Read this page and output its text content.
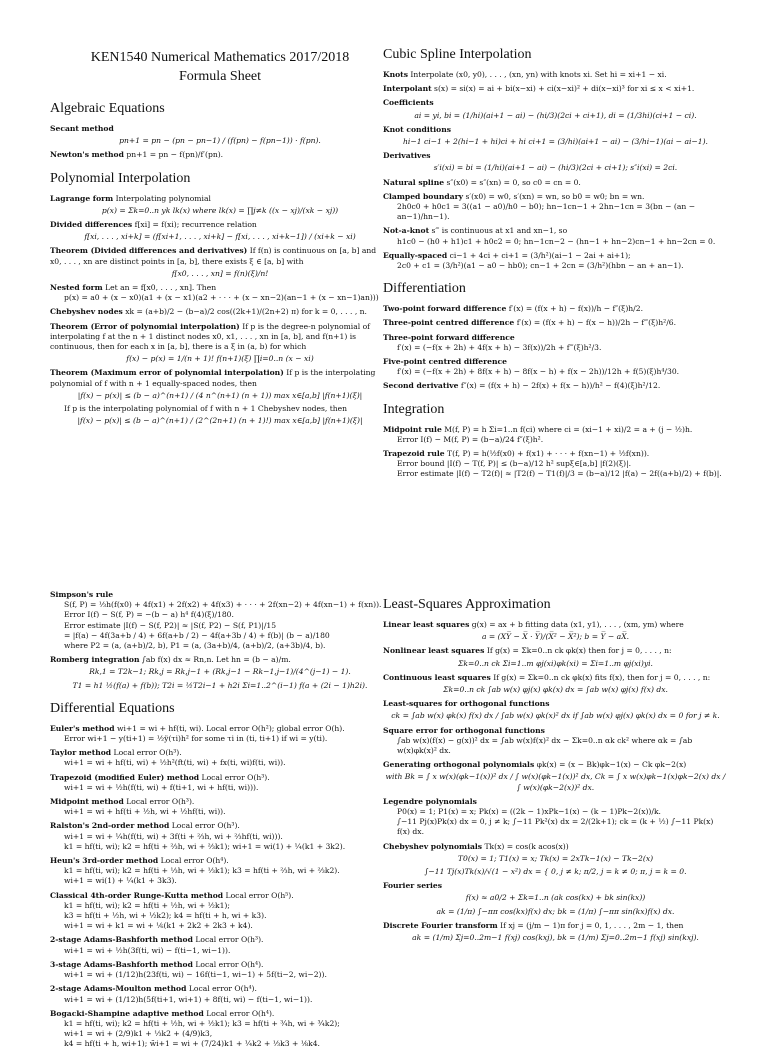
KEN1540 Numerical Mathematics 2017/2018
Formula Sheet
Algebraic Equations
Secant method
pn+1 = pn − (pn − pn−1) / (f(pn) − f(pn−1)) · f(pn).
Newton's method pn+1 = pn − f(pn)/f′(pn).
Polynomial Interpolation
Lagrange form Interpolating polynomial
p(x) = Σk=0..n yk lk(x) where lk(x) = ∏j≠k ((x − xj)/(xk − xj))
Divided differences f[xi] = f(xi); recurrence relation
f[xi, . . . , xi+k] = (f[xi+1, . . . , xi+k] − f[xi, . . . , xi+k−1]) / (xi+k − xi)
Theorem (Divided differences and derivatives) If f(n) is continuous on [a, b] and x0, . . . , xn are distinct points in [a, b], there exists ξ ∈ [a, b] with
f[x0, . . . , xn] = f(n)(ξ)/n!
Nested form Let an = f[x0, . . . , xn]. Then
p(x) = a0 + (x − x0)(a1 + (x − x1)(a2 + · · · + (x − xn−2)(an−1 + (x − xn−1)an)))
Chebyshev nodes xk = (a+b)/2 − (b−a)/2 cos((2k+1)/(2n+2) π) for k = 0, . . . , n.
Theorem (Error of polynomial interpolation) If p is the degree-n polynomial of interpolating f at the n + 1 distinct nodes x0, x1, . . . , xn in [a, b], and f(n+1) is continuous, then for each x in [a, b], there is a ξ in (a, b) for which
f(x) − p(x) = 1/(n + 1)! f(n+1)(ξ) ∏i=0..n (x − xi)
Theorem (Maximum error of polynomial interpolation) If p is the interpolating polynomial of f with n + 1 equally-spaced nodes, then
|f(x) − p(x)| ≤ (b − a)^(n+1) / (4 n^(n+1) (n + 1)) max x∈[a,b] |f(n+1)(ξ)|
If p is the interpolating polynomial of f with n + 1 Chebyshev nodes, then
|f(x) − p(x)| ≤ (b − a)^(n+1) / (2^(2n+1) (n + 1)!) max x∈[a,b] |f(n+1)(ξ)|
Cubic Spline Interpolation
Knots Interpolate (x0, y0), . . . , (xn, yn) with knots xi. Set hi = xi+1 − xi.
Interpolant s(x) = si(x) = ai + bi(x−xi) + ci(x−xi)² + di(x−xi)³ for xi ≤ x < xi+1.
Coefficients
ai = yi, bi = (1/hi)(ai+1 − ai) − (hi/3)(2ci + ci+1), di = (1/3hi)(ci+1 − ci).
Knot conditions
hi−1 ci−1 + 2(hi−1 + hi)ci + hi ci+1 = (3/hi)(ai+1 − ai) − (3/hi−1)(ai − ai−1).
Derivatives
s′i(xi) = bi = (1/hi)(ai+1 − ai) − (hi/3)(2ci + ci+1); s″i(xi) = 2ci.
Natural spline s″(x0) = s″(xn) = 0, so c0 = cn = 0.
Clamped boundary s′(x0) = w0, s′(xn) = wn, so b0 = w0; bn = wn.
2h0c0 + h0c1 = 3((a1 − a0)/h0 − b0); hn−1cn−1 + 2hn−1cn = 3(bn − (an − an−1)/hn−1).
Not-a-knot s‴ is continuous at x1 and xn−1, so
h1c0 − (h0 + h1)c1 + h0c2 = 0; hn−1cn−2 − (hn−1 + hn−2)cn−1 + hn−2cn = 0.
Equally-spaced ci−1 + 4ci + ci+1 = (3/h²)(ai−1 − 2ai + ai+1);
2c0 + c1 = (3/h²)(a1 − a0 − hb0); cn−1 + 2cn = (3/h²)(hbn − an + an−1).
Differentiation
Two-point forward difference f′(x) = (f(x + h) − f(x))/h − f″(ξ)h/2.
Three-point centred difference f′(x) = (f(x + h) − f(x − h))/2h − f‴(ξ)h²/6.
Three-point forward difference
f′(x) = (−f(x + 2h) + 4f(x + h) − 3f(x))/2h + f‴(ξ)h²/3.
Five-point centred difference
f′(x) = (−f(x + 2h) + 8f(x + h) − 8f(x − h) + f(x − 2h))/12h + f(5)(ξ)h⁴/30.
Second derivative f″(x) = (f(x + h) − 2f(x) + f(x − h))/h² − f(4)(ξ)h²/12.
Integration
Midpoint rule M(f, P) = h Σi=1..n f(ci) where ci = (xi−1 + xi)/2 = a + (j − ½)h.
Error I(f) − M(f, P) = (b−a)/24 f″(ξ)h².
Trapezoid rule T(f, P) = h(½f(x0) + f(x1) + · · · + f(xn−1) + ½f(xn)).
Error bound |I(f) − T(f, P)| ≤ (b−a)/12 h² supξ∈[a,b] |f(2)(ξ)|.
Error estimate |I(f) − T2(f)| ≈ |T2(f) − T1(f)|/3 = (b−a)/12 |f(a) − 2f((a+b)/2) + f(b)|.
Simpson's rule
S(f, P) = ⅓h(f(x0) + 4f(x1) + 2f(x2) + 4f(x3) + · · · + 2f(xn−2) + 4f(xn−1) + f(xn)).
Error I(f) − S(f, P) = −(b − a) h⁴ f(4)(ξ)/180.
Error estimate |I(f) − S(f, P2)| ≈ |S(f, P2) − S(f, P1)|/15
= |f(a) − 4f(3a+b / 4) + 6f(a+b / 2) − 4f(a+3b / 4) + f(b)| (b − a)/180
where P2 = (a, (a+b)/2, b), P1 = (a, (3a+b)/4, (a+b)/2, (a+3b)/4, b).
Romberg integration ∫ab f(x) dx ≈ Rn,n. Let hn = (b − a)/m.
Rk,1 = T2k−1; Rk,j = Rk,j−1 + (Rk,j−1 − Rk−1,j−1)/(4^(j−1) − 1).
T1 = h1 ½(f(a) + f(b)); T2i = ½T2i−1 + h2i Σi=1..2^(i−1) f(a + (2i − 1)h2i).
Differential Equations
Euler's method wi+1 = wi + hf(ti, wi). Local error O(h²); global error O(h).
Error wi+1 − y(ti+1) = ½ÿ(τi)h² for some τi in (ti, ti+1) if wi = y(ti).
Taylor method Local error O(h³).
wi+1 = wi + hf(ti, wi) + ½h²(ft(ti, wi) + fx(ti, wi)f(ti, wi)).
Trapezoid (modified Euler) method Local error O(h³).
wi+1 = wi + ½h(f(ti, wi) + f(ti+1, wi + hf(ti, wi))).
Midpoint method Local error O(h³).
wi+1 = wi + hf(ti + ½h, wi + ½hf(ti, wi)).
Ralston's 2nd-order method Local error O(h³).
wi+1 = wi + ¼h(f(ti, wi) + 3f(ti + ⅔h, wi + ⅔hf(ti, wi))).
k1 = hf(ti, wi); k2 = hf(ti + ⅔h, wi + ⅔k1); wi+1 = wi(1) + ¼(k1 + 3k2).
Heun's 3rd-order method Local error O(h⁴).
k1 = hf(ti, wi); k2 = hf(ti + ⅓h, wi + ⅓k1); k3 = hf(ti + ⅔h, wi + ⅔k2).
wi+1 = wi(1) + ¼(k1 + 3k3).
Classical 4th-order Runge-Kutta method Local error O(h⁵).
k1 = hf(ti, wi); k2 = hf(ti + ½h, wi + ½k1);
k3 = hf(ti + ½h, wi + ½k2); k4 = hf(ti + h, wi + k3).
wi+1 = wi + k1 = wi + ⅙(k1 + 2k2 + 2k3 + k4).
2-stage Adams-Bashforth method Local error O(h³).
wi+1 = wi + ½h(3f(ti, wi) − f(ti−1, wi−1)).
3-stage Adams-Bashforth method Local error O(h⁴).
wi+1 = wi + (1/12)h(23f(ti, wi) − 16f(ti−1, wi−1) + 5f(ti−2, wi−2)).
2-stage Adams-Moulton method Local error O(h⁴).
wi+1 = wi + (1/12)h(5f(ti+1, wi+1) + 8f(ti, wi) − f(ti−1, wi−1)).
Bogacki-Shampine adaptive method Local error O(h⁴).
k1 = hf(ti, wi); k2 = hf(ti + ½h, wi + ½k1); k3 = hf(ti + ¾h, wi + ¾k2);
wi+1 = wi + (2/9)k1 + ⅓k2 + (4/9)k3,
k4 = hf(ti + h, wi+1); w̃i+1 = wi + (7/24)k1 + ¼k2 + ⅓k3 + ⅛k4.
Least-Squares Approximation
Linear least squares g(x) = ax + b fitting data (x1, y1), . . . , (xm, ym) where
a = (XY̅ − X̅ · Y̅)/(X̅² − X̅²); b = Y̅ − aX̅.
Nonlinear least squares If g(x) = Σk=0..n ck φk(x) then for j = 0, . . . , n:
Σk=0..n ck Σi=1..m φj(xi)φk(xi) = Σi=1..m φj(xi)yi.
Continuous least squares If g(x) = Σk=0..n ck φk(x) fits f(x), then for j = 0, . . . , n:
Σk=0..n ck ∫ab w(x) φj(x) φk(x) dx = ∫ab w(x) φj(x) f(x) dx.
Least-squares for orthogonal functions
ck = ∫ab w(x) φk(x) f(x) dx / ∫ab w(x) φk(x)² dx if ∫ab w(x) φj(x) φk(x) dx = 0 for j ≠ k.
Square error for orthogonal functions
∫ab w(x)(f(x) − g(x))² dx = ∫ab w(x)f(x)² dx − Σk=0..n αk ck² where αk = ∫ab w(x)φk(x)² dx.
Generating orthogonal polynomials φk(x) = (x − Bk)φk−1(x) − Ck φk−2(x)
with Bk = ∫ x w(x)(φk−1(x))² dx / ∫ w(x)(φk−1(x))² dx, Ck = ∫ x w(x)φk−1(x)φk−2(x) dx / ∫ w(x)(φk−2(x))² dx.
Legendre polynomials
P0(x) = 1; P1(x) = x; Pk(x) = ((2k − 1)xPk−1(x) − (k − 1)Pk−2(x))/k.
∫−11 Pj(x)Pk(x) dx = 0, j ≠ k; ∫−11 Pk²(x) dx = 2/(2k+1); ck = (k + ½) ∫−11 Pk(x) f(x) dx.
Chebyshev polynomials Tk(x) = cos(k acos(x))
T0(x) = 1; T1(x) = x; Tk(x) = 2xTk−1(x) − Tk−2(x)
∫−11 Tj(x)Tk(x)/√(1 − x²) dx = { 0, j ≠ k; π/2, j = k ≠ 0; π, j = k = 0.
Fourier series
f(x) ≈ a0/2 + Σk=1..n (ak cos(kx) + bk sin(kx))
ak = (1/π) ∫−ππ cos(kx)f(x) dx; bk = (1/π) ∫−ππ sin(kx)f(x) dx.
Discrete Fourier transform If xj = (j/m − 1)π for j = 0, 1, . . . , 2m − 1, then
ak = (1/m) Σj=0..2m−1 f(xj) cos(kxj), bk = (1/m) Σj=0..2m−1 f(xj) sin(kxj).
